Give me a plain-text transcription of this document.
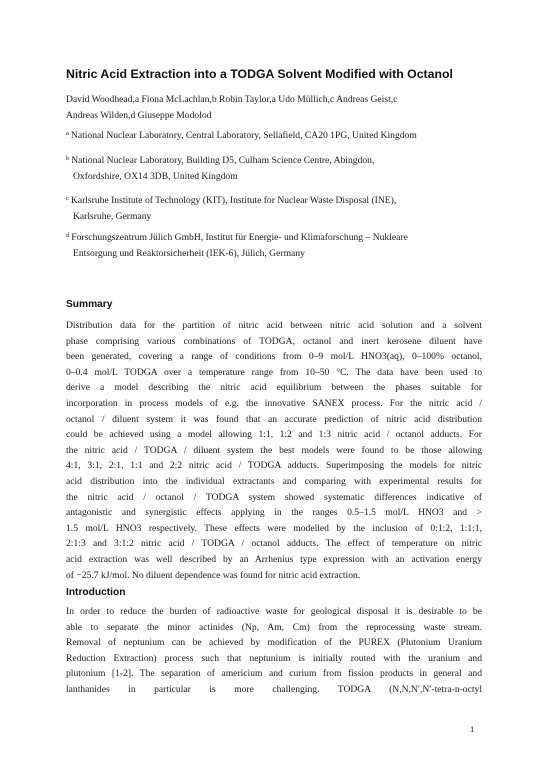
Nitric Acid Extraction into a TODGA Solvent Modified with Octanol
David Woodhead,a Fiona McLachlan,b Robin Taylor,a Udo Müllich,c Andreas Geist,c
Andreas Wilden,d Giuseppe Modolod
$^a$ National Nuclear Laboratory, Central Laboratory, Sellafield, CA20 1PG, United Kingdom
$^b$ National Nuclear Laboratory, Building D5, Culham Science Centre, Abingdon,
Oxfordshire, OX14 3DB, United Kingdom
$^c$ Karlsruhe Institute of Technology (KIT), Institute for Nuclear Waste Disposal (INE),
Karlsruhe, Germany
$^d$ Forschungszentrum Jülich GmbH, Institut für Energie- und Klimaforschung – Nukleare
Entsorgung und Reaktorsicherheit (IEK-6), Jülich, Germany
Summary
Distribution data for the partition of nitric acid between nitric acid solution and a solvent
phase comprising various combinations of TODGA, octanol and inert kerosene diluent have
been generated, covering a range of conditions from 0–9 mol/L HNO3(aq), 0–100% octanol,
0–0.4 mol/L TODGA over a temperature range from 10–50 °C. The data have been used to
derive a model describing the nitric acid equilibrium between the phases suitable for
incorporation in process models of e.g. the innovative SANEX process. For the nitric acid /
octanol / diluent system it was found that an accurate prediction of nitric acid distribution
could be achieved using a model allowing 1:1, 1:2 and 1:3 nitric acid / octanol adducts. For
the nitric acid / TODGA / diluent system the best models were found to be those allowing
4:1, 3:1, 2:1, 1:1 and 2:2 nitric acid / TODGA adducts. Superimposing the models for nitric
acid distribution into the individual extractants and comparing with experimental results for
the nitric acid / octanol / TODGA system showed systematic differences indicative of
antagonistic and synergistic effects applying in the ranges 0.5–1.5 mol/L HNO3 and >
1.5 mol/L HNO3 respectively. These effects were modelled by the inclusion of 0:1:2, 1:1:1,
2:1:3 and 3:1:2 nitric acid / TODGA / octanol adducts. The effect of temperature on nitric
acid extraction was well described by an Arrhenius type expression with an activation energy
of −25.7 kJ/mol. No diluent dependence was found for nitric acid extraction.
Introduction
In order to reduce the burden of radioactive waste for geological disposal it is desirable to be
able to separate the minor actinides (Np, Am, Cm) from the reprocessing waste stream.
Removal of neptunium can be achieved by modification of the PUREX (Plutonium Uranium
Reduction Extraction) process such that neptunium is initially routed with the uranium and
plutonium [1-2]. The separation of americium and curium from fission products in general and
lanthanides in particular is more challenging. TODGA (N,N,N′,N′-tetra-n-octyl
1
